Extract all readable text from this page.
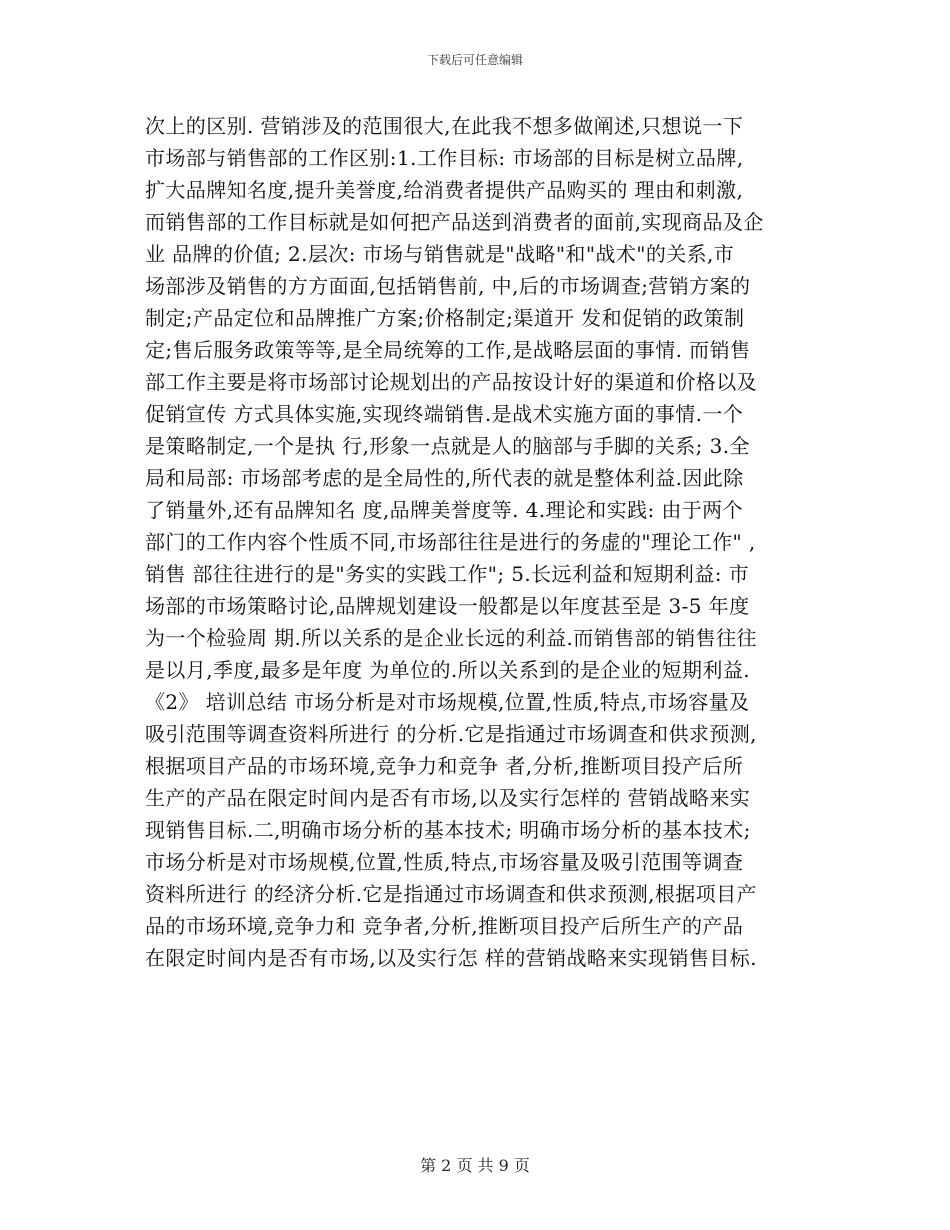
下载后可任意编辑
次上的区别. 营销涉及的范围很大,在此我不想多做阐述,只想说一下
市场部与销售部的工作区别:1.工作目标: 市场部的目标是树立品牌,
扩大品牌知名度,提升美誉度,给消费者提供产品购买的 理由和刺激,
而销售部的工作目标就是如何把产品送到消费者的面前,实现商品及企
业 品牌的价值; 2.层次: 市场与销售就是"战略"和"战术"的关系,市
场部涉及销售的方方面面,包括销售前, 中,后的市场调查;营销方案的
制定;产品定位和品牌推广方案;价格制定;渠道开 发和促销的政策制
定;售后服务政策等等,是全局统筹的工作,是战略层面的事情. 而销售
部工作主要是将市场部讨论规划出的产品按设计好的渠道和价格以及
促销宣传 方式具体实施,实现终端销售.是战术实施方面的事情.一个
是策略制定,一个是执 行,形象一点就是人的脑部与手脚的关系; 3.全
局和局部: 市场部考虑的是全局性的,所代表的就是整体利益.因此除
了销量外,还有品牌知名 度,品牌美誉度等. 4.理论和实践: 由于两个
部门的工作内容个性质不同,市场部往往是进行的务虚的"理论工作" ,
销售 部往往进行的是"务实的实践工作"; 5.长远利益和短期利益: 市
场部的市场策略讨论,品牌规划建设一般都是以年度甚至是 3-5 年度
为一个检验周 期.所以关系的是企业长远的利益.而销售部的销售往往
是以月,季度,最多是年度 为单位的.所以关系到的是企业的短期利益.
《2》 培训总结 市场分析是对市场规模,位置,性质,特点,市场容量及
吸引范围等调查资料所进行 的分析.它是指通过市场调查和供求预测,
根据项目产品的市场环境,竞争力和竞争 者,分析,推断项目投产后所
生产的产品在限定时间内是否有市场,以及实行怎样的 营销战略来实
现销售目标.二,明确市场分析的基本技术; 明确市场分析的基本技术;
市场分析是对市场规模,位置,性质,特点,市场容量及吸引范围等调查
资料所进行 的经济分析.它是指通过市场调查和供求预测,根据项目产
品的市场环境,竞争力和 竞争者,分析,推断项目投产后所生产的产品
在限定时间内是否有市场,以及实行怎 样的营销战略来实现销售目标.
第 2 页 共 9 页
